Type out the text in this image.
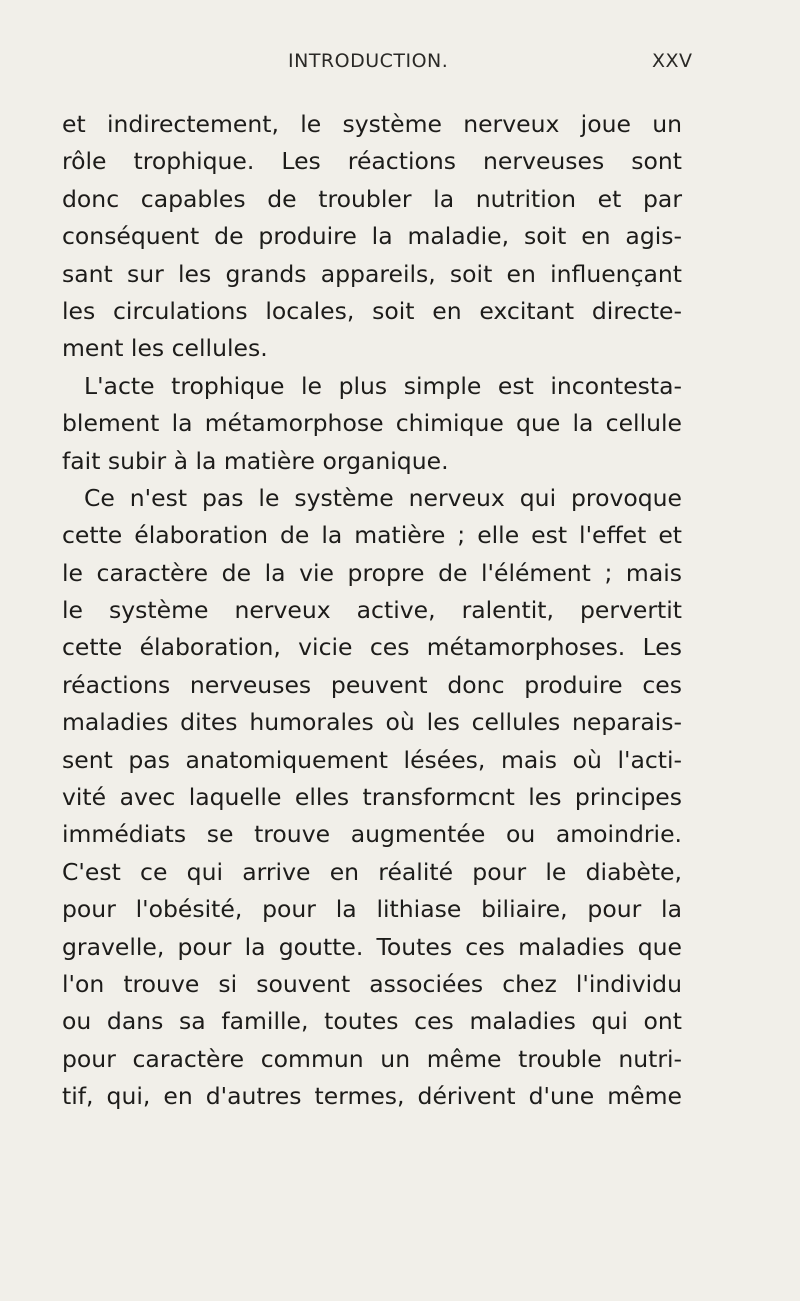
INTRODUCTION.	XXV
et indirectement, le système nerveux joue un
rôle trophique. Les réactions nerveuses sont
donc capables de troubler la nutrition et par
conséquent de produire la maladie, soit en agis-
sant sur les grands appareils, soit en influençant
les circulations locales, soit en excitant directe-
ment les cellules.
L'acte trophique le plus simple est incontesta-
blement la métamorphose chimique que la cellule
fait subir à la matière organique.
Ce n'est pas le système nerveux qui provoque
cette élaboration de la matière ; elle est l'effet et
le caractère de la vie propre de l'élément ; mais
le système nerveux active, ralentit, pervertit
cette élaboration, vicie ces métamorphoses. Les
réactions nerveuses peuvent donc produire ces
maladies dites humorales où les cellules neparais-
sent pas anatomiquement lésées, mais où l'acti-
vité avec laquelle elles transformcnt les principes
immédiats se trouve augmentée ou amoindrie.
C'est ce qui arrive en réalité pour le diabète,
pour l'obésité, pour la lithiase biliaire, pour la
gravelle, pour la goutte. Toutes ces maladies que
l'on trouve si souvent associées chez l'individu
ou dans sa famille, toutes ces maladies qui ont
pour caractère commun un même trouble nutri-
tif, qui, en d'autres termes, dérivent d'une même
